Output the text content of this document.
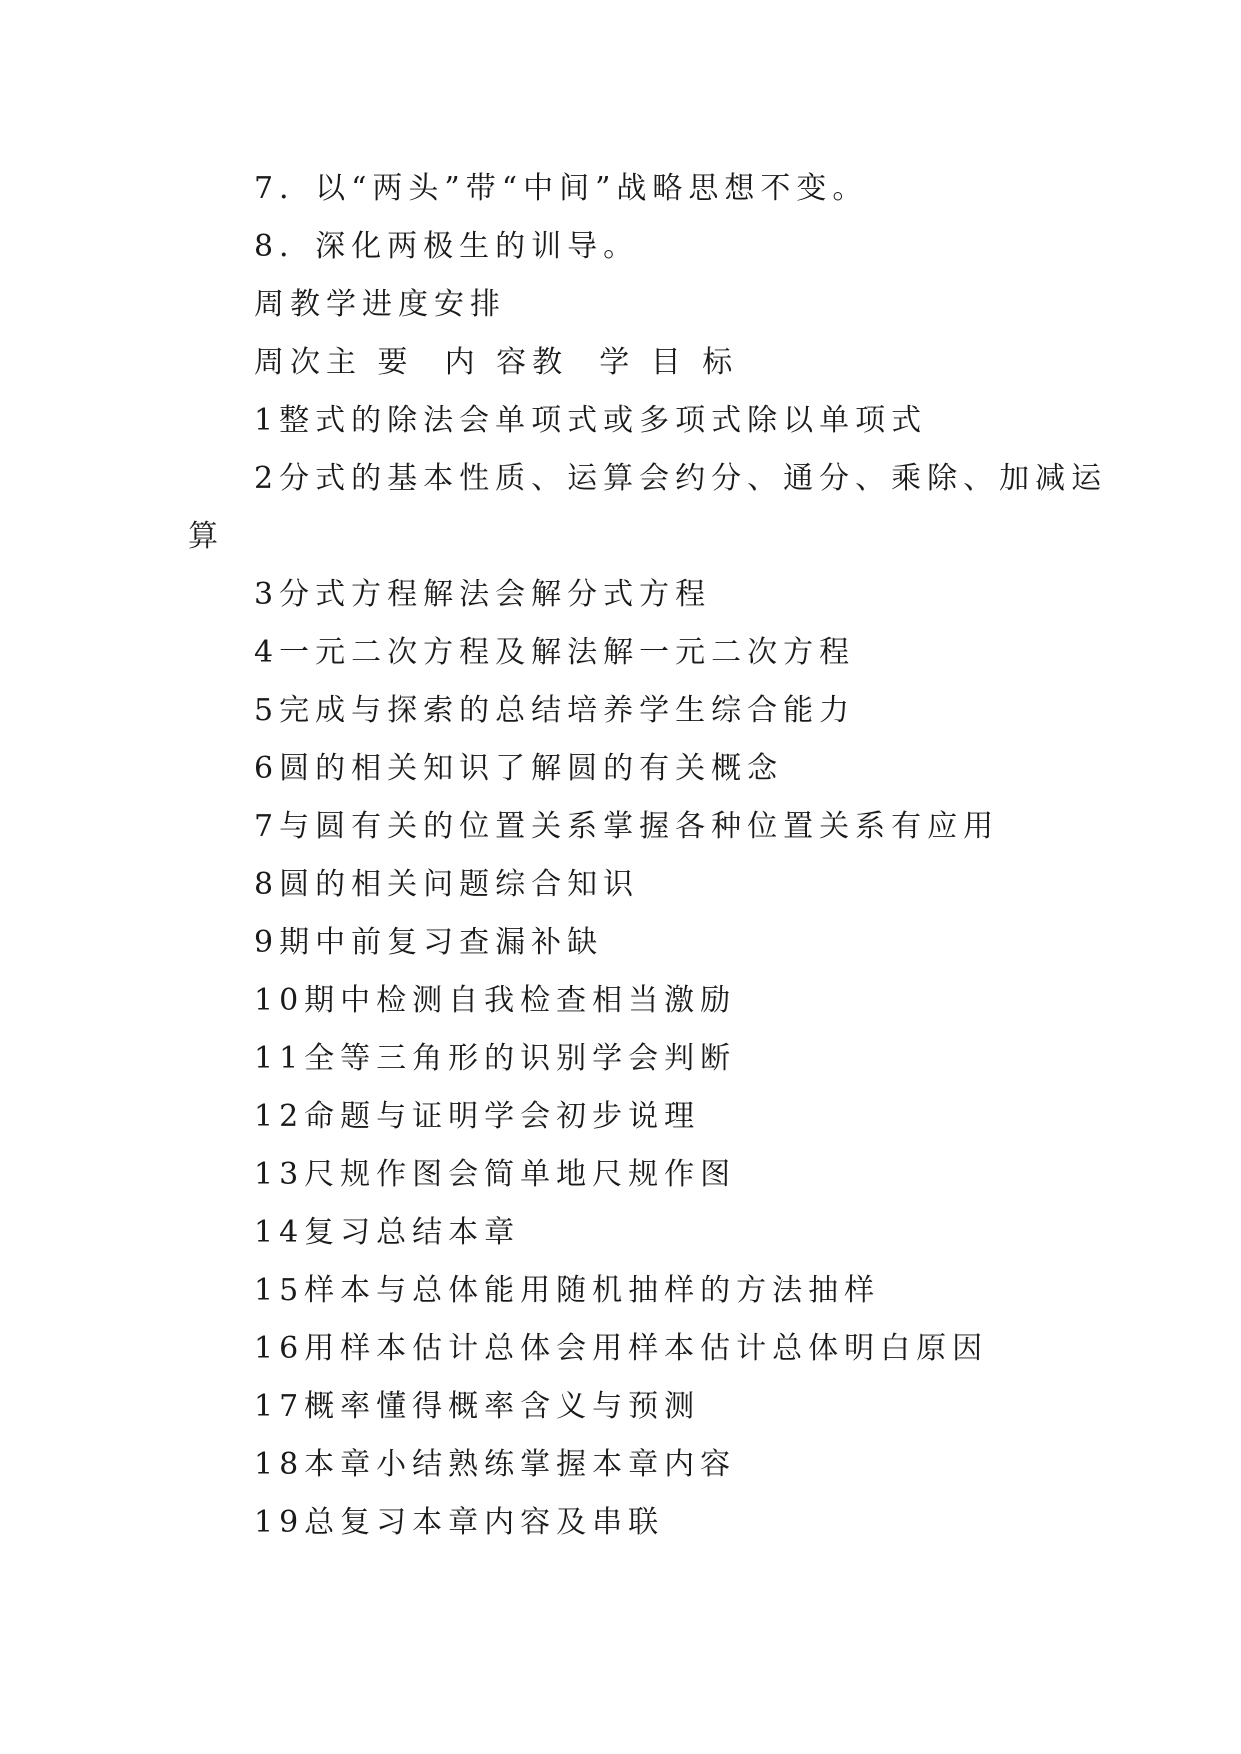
7．以“两头”带“中间”战略思想不变。
8．深化两极生的训导。
周教学进度安排
周次主 要  内 容教  学 目 标
1整式的除法会单项式或多项式除以单项式
2分式的基本性质、运算会约分、通分、乘除、加减运
算
3分式方程解法会解分式方程
4一元二次方程及解法解一元二次方程
5完成与探索的总结培养学生综合能力
6圆的相关知识了解圆的有关概念
7与圆有关的位置关系掌握各种位置关系有应用
8圆的相关问题综合知识
9期中前复习查漏补缺
10期中检测自我检查相当激励
11全等三角形的识别学会判断
12命题与证明学会初步说理
13尺规作图会简单地尺规作图
14复习总结本章
15样本与总体能用随机抽样的方法抽样
16用样本估计总体会用样本估计总体明白原因
17概率懂得概率含义与预测
18本章小结熟练掌握本章内容
19总复习本章内容及串联
